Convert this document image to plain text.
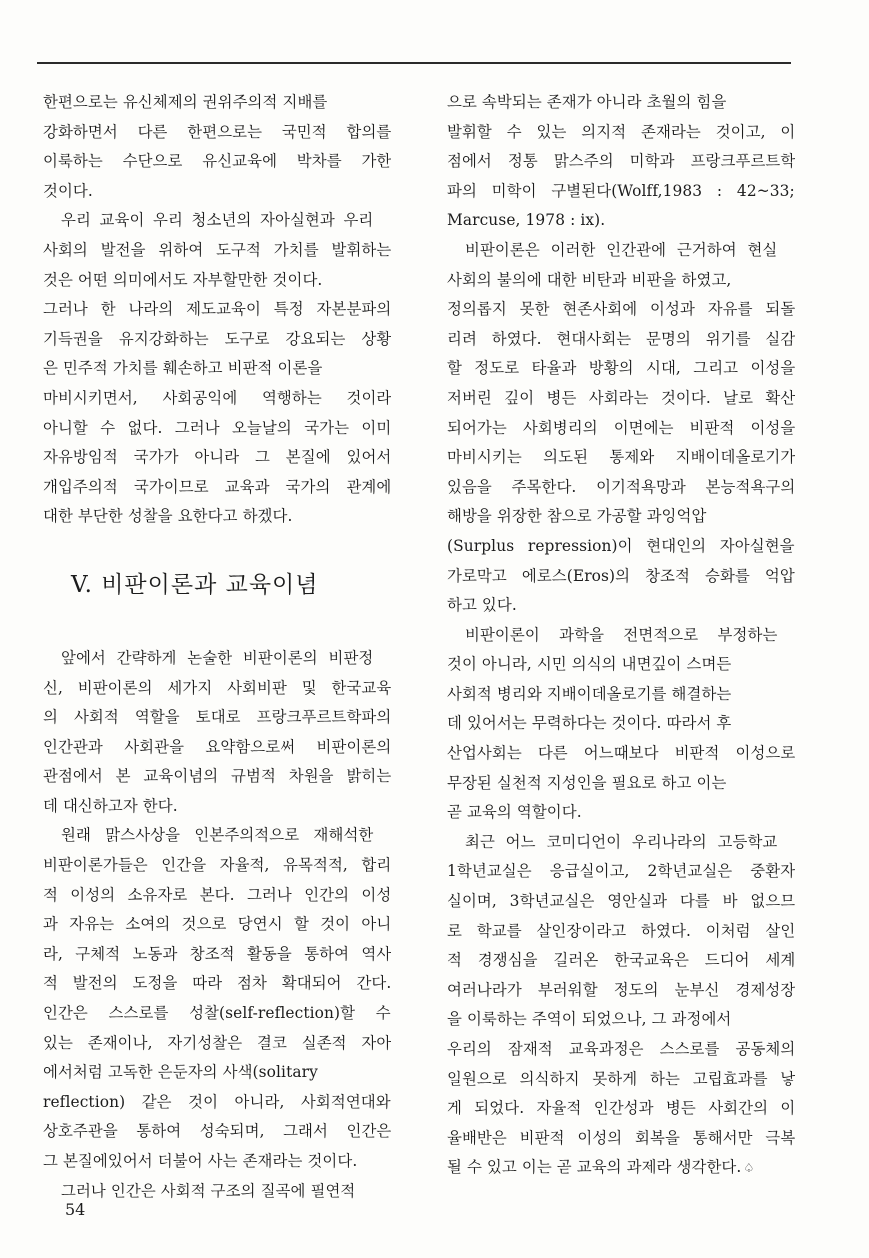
한편으로는 유신체제의 권위주의적 지배를
강화하면서 다른 한편으로는 국민적 합의를
이룩하는 수단으로 유신교육에 박차를 가한
것이다.
우리 교육이 우리 청소년의 자아실현과 우리
사회의 발전을 위하여 도구적 가치를 발휘하는
것은 어떤 의미에서도 자부할만한 것이다.
그러나 한 나라의 제도교육이 특정 자본분파의
기득권을 유지강화하는 도구로 강요되는 상황
은 민주적 가치를 훼손하고 비판적 이론을
마비시키면서, 사회공익에 역행하는 것이라
아니할 수 없다. 그러나 오늘날의 국가는 이미
자유방임적 국가가 아니라 그 본질에 있어서
개입주의적 국가이므로 교육과 국가의 관계에
대한 부단한 성찰을 요한다고 하겠다.
V. 비판이론과 교육이념
앞에서 간략하게 논술한 비판이론의 비판정
신, 비판이론의 세가지 사회비판 및 한국교육
의 사회적 역할을 토대로 프랑크푸르트학파의
인간관과 사회관을 요약함으로써 비판이론의
관점에서 본 교육이념의 규범적 차원을 밝히는
데 대신하고자 한다.
원래 맑스사상을 인본주의적으로 재해석한
비판이론가들은 인간을 자율적, 유목적적, 합리
적 이성의 소유자로 본다. 그러나 인간의 이성
과 자유는 소여의 것으로 당연시 할 것이 아니
라, 구체적 노동과 창조적 활동을 통하여 역사
적 발전의 도정을 따라 점차 확대되어 간다.
인간은 스스로를 성찰(self-reflection)할 수
있는 존재이나, 자기성찰은 결코 실존적 자아
에서처럼 고독한 은둔자의 사색(solitary
reflection) 같은 것이 아니라, 사회적연대와
상호주관을 통하여 성숙되며, 그래서 인간은
그 본질에있어서 더불어 사는 존재라는 것이다.
그러나 인간은 사회적 구조의 질곡에 필연적
으로 속박되는 존재가 아니라 초월의 힘을
발휘할 수 있는 의지적 존재라는 것이고, 이
점에서 정통 맑스주의 미학과 프랑크푸르트학
파의 미학이 구별된다(Wolff,1983 : 42~33;
Marcuse, 1978 : ix).
비판이론은 이러한 인간관에 근거하여 현실
사회의 불의에 대한 비탄과 비판을 하였고,
정의롭지 못한 현존사회에 이성과 자유를 되돌
리려 하였다. 현대사회는 문명의 위기를 실감
할 정도로 타율과 방황의 시대, 그리고 이성을
저버린 깊이 병든 사회라는 것이다. 날로 확산
되어가는 사회병리의 이면에는 비판적 이성을
마비시키는 의도된 통제와 지배이데올로기가
있음을 주목한다. 이기적욕망과 본능적욕구의
해방을 위장한 참으로 가공할 과잉억압
(Surplus repression)이 현대인의 자아실현을
가로막고 에로스(Eros)의 창조적 승화를 억압
하고 있다.
비판이론이 과학을 전면적으로 부정하는
것이 아니라, 시민 의식의 내면깊이 스며든
사회적 병리와 지배이데올로기를 해결하는
데 있어서는 무력하다는 것이다. 따라서 후
산업사회는 다른 어느때보다 비판적 이성으로
무장된 실천적 지성인을 필요로 하고 이는
곧 교육의 역할이다.
최근 어느 코미디언이 우리나라의 고등학교
1학년교실은 응급실이고, 2학년교실은 중환자
실이며, 3학년교실은 영안실과 다를 바 없으므
로 학교를 살인장이라고 하였다. 이처럼 살인
적 경쟁심을 길러온 한국교육은 드디어 세계
여러나라가 부러워할 정도의 눈부신 경제성장
을 이룩하는 주역이 되었으나, 그 과정에서
우리의 잠재적 교육과정은 스스로를 공동체의
일원으로 의식하지 못하게 하는 고립효과를 낳
게 되었다. 자율적 인간성과 병든 사회간의 이
율배반은 비판적 이성의 회복을 통해서만 극복
될 수 있고 이는 곧 교육의 과제라 생각한다. ♤
54
